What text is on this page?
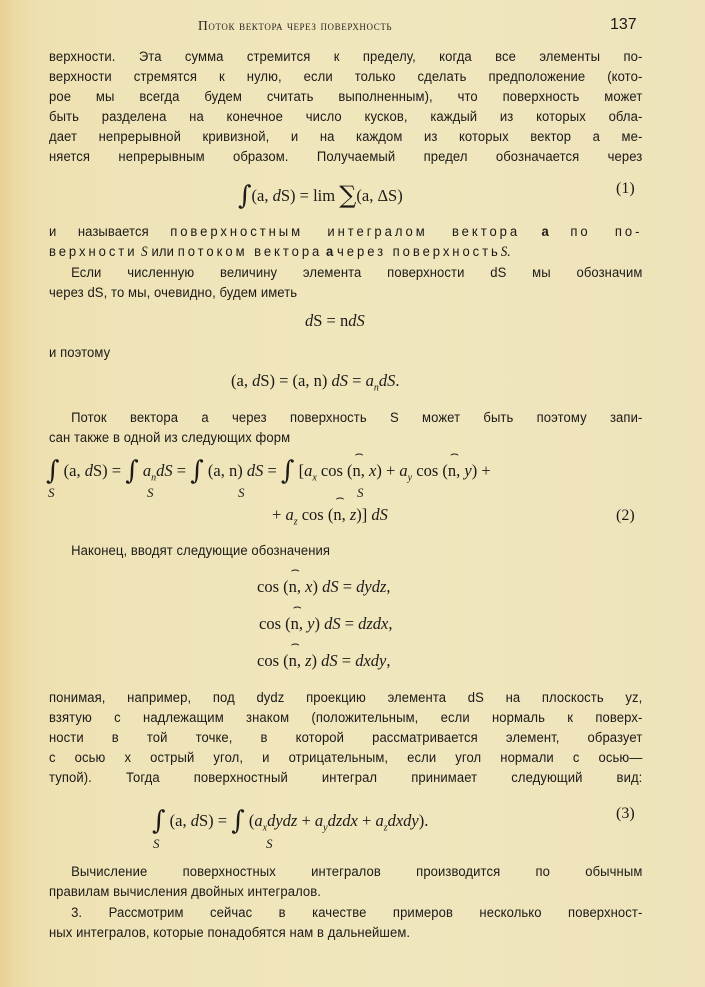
Поток вектора через поверхность	137
верхности. Эта сумма стремится к пределу, когда все элементы по-
верхности стремятся к нулю, если только сделать предположение (кото-
рое мы всегда будем считать выполненным), что поверхность может
быть разделена на конечное число кусков, каждый из которых обла-
дает непрерывной кривизной, и на каждом из которых вектор а ме-
няется непрерывным образом. Получаемый предел обозначается через
∫(a, dS) = lim ∑(a, ΔS)	(1)
и называется поверхностным интегралом вектора а по по-
верхности S или потоком вектора а через поверхностьS.
Если численную величину элемента поверхности dS мы обозначим
через dS, то мы, очевидно, будем иметь
dS = ndS
и поэтому
(a, dS) = (a, n) dS = $a_ndS$.
Поток вектора а через поверхность S может быть поэтому запи-
сан также в одной из следующих форм
∫ (a, dS) = ∫ $a_ndS$ = ∫ (a, n) dS = ∫ [$a_x$ cos (⌢ n, $x) + a_y$ cos (⌢ n, y) +
S	S	S	S
+ $a_z$ cos (⌢ n, z)] dS	(2)
Наконец, вводят следующие обозначения
cos (⌢ n, x) dS = dydz,
cos (⌢ n, y) dS = dzdx,
cos (⌢ n, z) dS = dxdy,
понимая, например, под dydz проекцию элемента dS на плоскость yz,
взятую с надлежащим знаком (положительным, если нормаль к поверх-
ности в той точке, в которой рассматривается элемент, образует
с осью x острый угол, и отрицательным, если угол нормали с осью—
тупой). Тогда поверхностный интеграл принимает следующий вид:
∫ (a, dS) = ∫ ($a_xdydz$ + $a_ydzdx$ + $a_zdxdy$).
S	S
(3)
Вычисление поверхностных интегралов производится по обычным
правилам вычисления двойных интегралов.
3. Рассмотрим сейчас в качестве примеров несколько поверхност-
ных интегралов, которые понадобятся нам в дальнейшем.
